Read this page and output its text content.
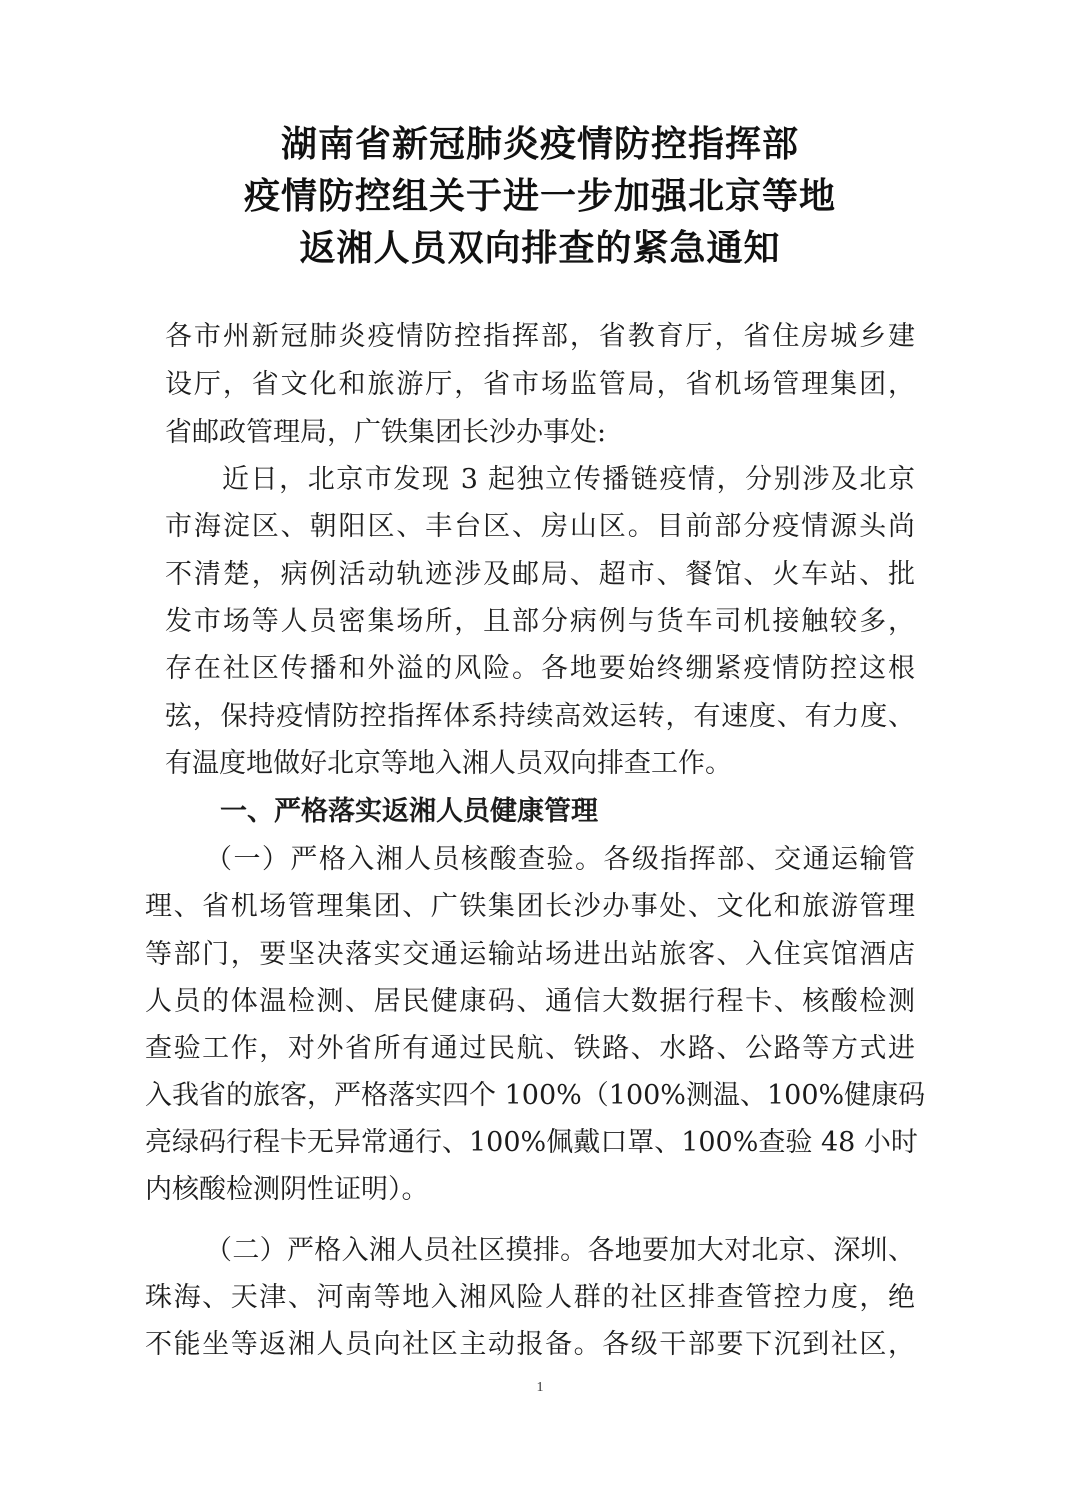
湖南省新冠肺炎疫情防控指挥部
疫情防控组关于进一步加强北京等地
返湘人员双向排查的紧急通知
各市州新冠肺炎疫情防控指挥部，省教育厅，省住房城乡建
设厅，省文化和旅游厅，省市场监管局，省机场管理集团，
省邮政管理局，广铁集团长沙办事处:
近日，北京市发现 3 起独立传播链疫情，分别涉及北京
市海淀区、朝阳区、丰台区、房山区。目前部分疫情源头尚
不清楚，病例活动轨迹涉及邮局、超市、餐馆、火车站、批
发市场等人员密集场所，且部分病例与货车司机接触较多，
存在社区传播和外溢的风险。各地要始终绷紧疫情防控这根
弦，保持疫情防控指挥体系持续高效运转，有速度、有力度、
有温度地做好北京等地入湘人员双向排查工作。
一、严格落实返湘人员健康管理
（一）严格入湘人员核酸查验。各级指挥部、交通运输管
理、省机场管理集团、广铁集团长沙办事处、文化和旅游管理
等部门，要坚决落实交通运输站场进出站旅客、入住宾馆酒店
人员的体温检测、居民健康码、通信大数据行程卡、核酸检测
查验工作，对外省所有通过民航、铁路、水路、公路等方式进
入我省的旅客，严格落实四个 100%（100%测温、100%健康码
亮绿码行程卡无异常通行、100%佩戴口罩、100%查验 48 小时
内核酸检测阴性证明）。
（二）严格入湘人员社区摸排。各地要加大对北京、深圳、
珠海、天津、河南等地入湘风险人群的社区排查管控力度，绝
不能坐等返湘人员向社区主动报备。各级干部要下沉到社区，
1
